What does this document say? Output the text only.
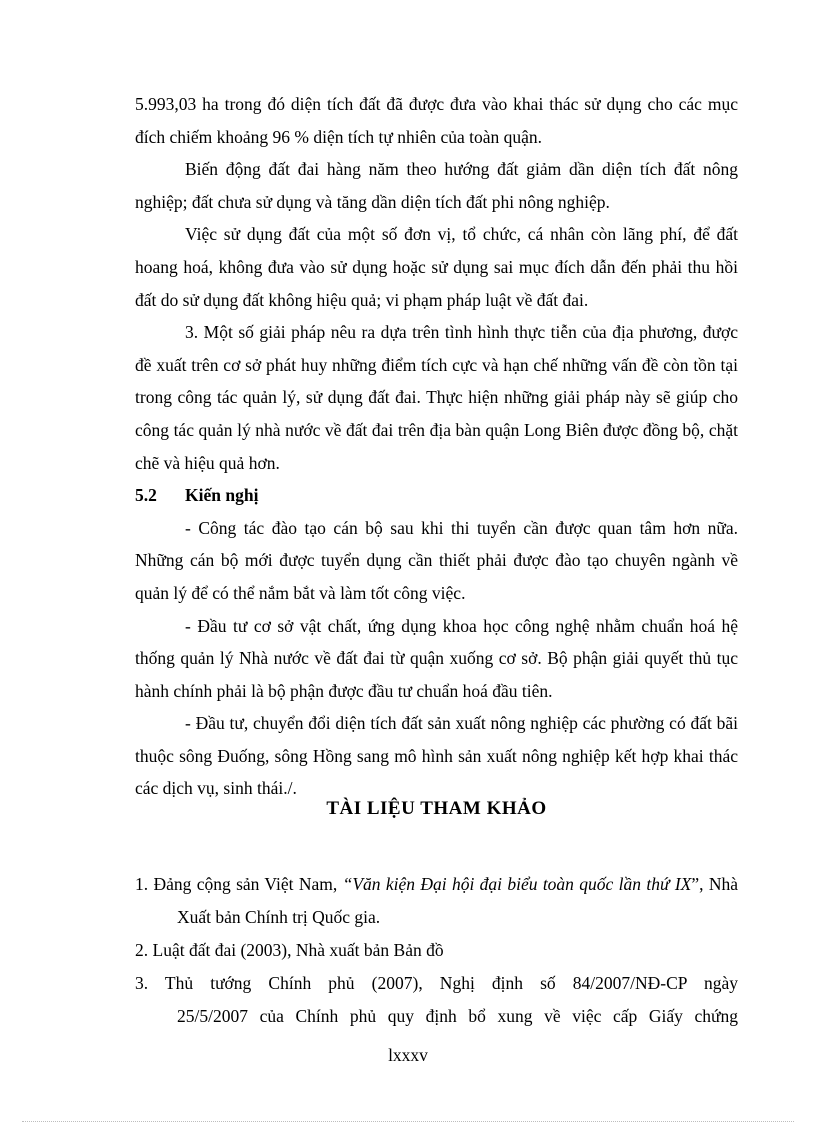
5.993,03 ha trong đó diện tích đất đã được đưa vào khai thác sử dụng cho các mục đích chiếm khoảng 96 % diện tích tự nhiên của toàn quận.

Biến động đất đai hàng năm theo hướng đất giảm dần diện tích đất nông nghiệp; đất chưa sử dụng và tăng dần diện tích đất phi nông nghiệp.

Việc sử dụng đất của một số đơn vị, tổ chức, cá nhân còn lãng phí, để đất hoang hoá, không đưa vào sử dụng hoặc sử dụng sai mục đích dẫn đến phải thu hồi đất do sử dụng đất không hiệu quả; vi phạm pháp luật về đất đai.

3. Một số giải pháp nêu ra dựa trên tình hình thực tiễn của địa phương, được đề xuất trên cơ sở phát huy những điểm tích cực và hạn chế những vấn đề còn tồn tại trong công tác quản lý, sử dụng đất đai. Thực hiện những giải pháp này sẽ giúp cho công tác quản lý nhà nước về đất đai trên địa bàn quận Long Biên được đồng bộ, chặt chẽ và hiệu quả hơn.

5.2 Kiến nghị

- Công tác đào tạo cán bộ sau khi thi tuyển cần được quan tâm hơn nữa. Những cán bộ mới được tuyển dụng cần thiết phải được đào tạo chuyên ngành về quản lý để có thể nắm bắt và làm tốt công việc.

- Đầu tư cơ sở vật chất, ứng dụng khoa học công nghệ nhằm chuẩn hoá hệ thống quản lý Nhà nước về đất đai từ quận xuống cơ sở. Bộ phận giải quyết thủ tục hành chính phải là bộ phận được đầu tư chuẩn hoá đầu tiên.

- Đầu tư, chuyển đổi diện tích đất sản xuất nông nghiệp các phường có đất bãi thuộc sông Đuống, sông Hồng sang mô hình sản xuất nông nghiệp kết hợp khai thác các dịch vụ, sinh thái./.

TÀI LIỆU THAM KHẢO

1. Đảng cộng sản Việt Nam, “Văn kiện Đại hội đại biểu toàn quốc lần thứ IX”, Nhà Xuất bản Chính trị Quốc gia.

2. Luật đất đai (2003), Nhà xuất bản Bản đồ

3. Thủ tướng Chính phủ (2007), Nghị định số 84/2007/NĐ-CP ngày
25/5/2007 của Chính phủ quy định bổ xung về việc cấp Giấy chứng

lxxxv
